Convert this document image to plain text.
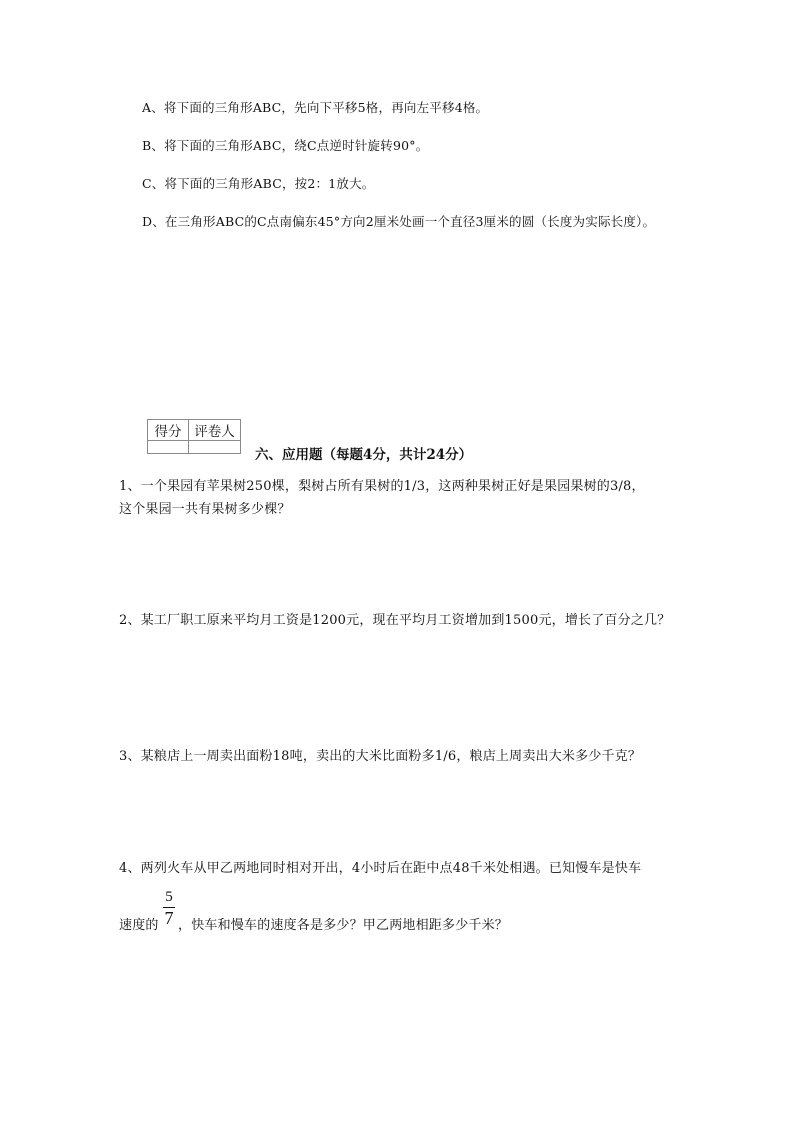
A、将下面的三角形ABC，先向下平移5格，再向左平移4格。
B、将下面的三角形ABC，绕C点逆时针旋转90°。
C、将下面的三角形ABC，按2：1放大。
D、在三角形ABC的C点南偏东45°方向2厘米处画一个直径3厘米的圆（长度为实际长度）。
得分	评卷人

六、应用题（每题4分，共计24分）
1、一个果园有苹果树250棵，梨树占所有果树的1/3，这两种果树正好是果园果树的3/8，
这个果园一共有果树多少棵？
2、某工厂职工原来平均月工资是1200元，现在平均月工资增加到1500元，增长了百分之几？
3、某粮店上一周卖出面粉18吨，卖出的大米比面粉多1/6，粮店上周卖出大米多少千克？
4、两列火车从甲乙两地同时相对开出，4小时后在距中点48千米处相遇。已知慢车是快车
速度的
5
7 ，快车和慢车的速度各是多少？甲乙两地相距多少千米？
